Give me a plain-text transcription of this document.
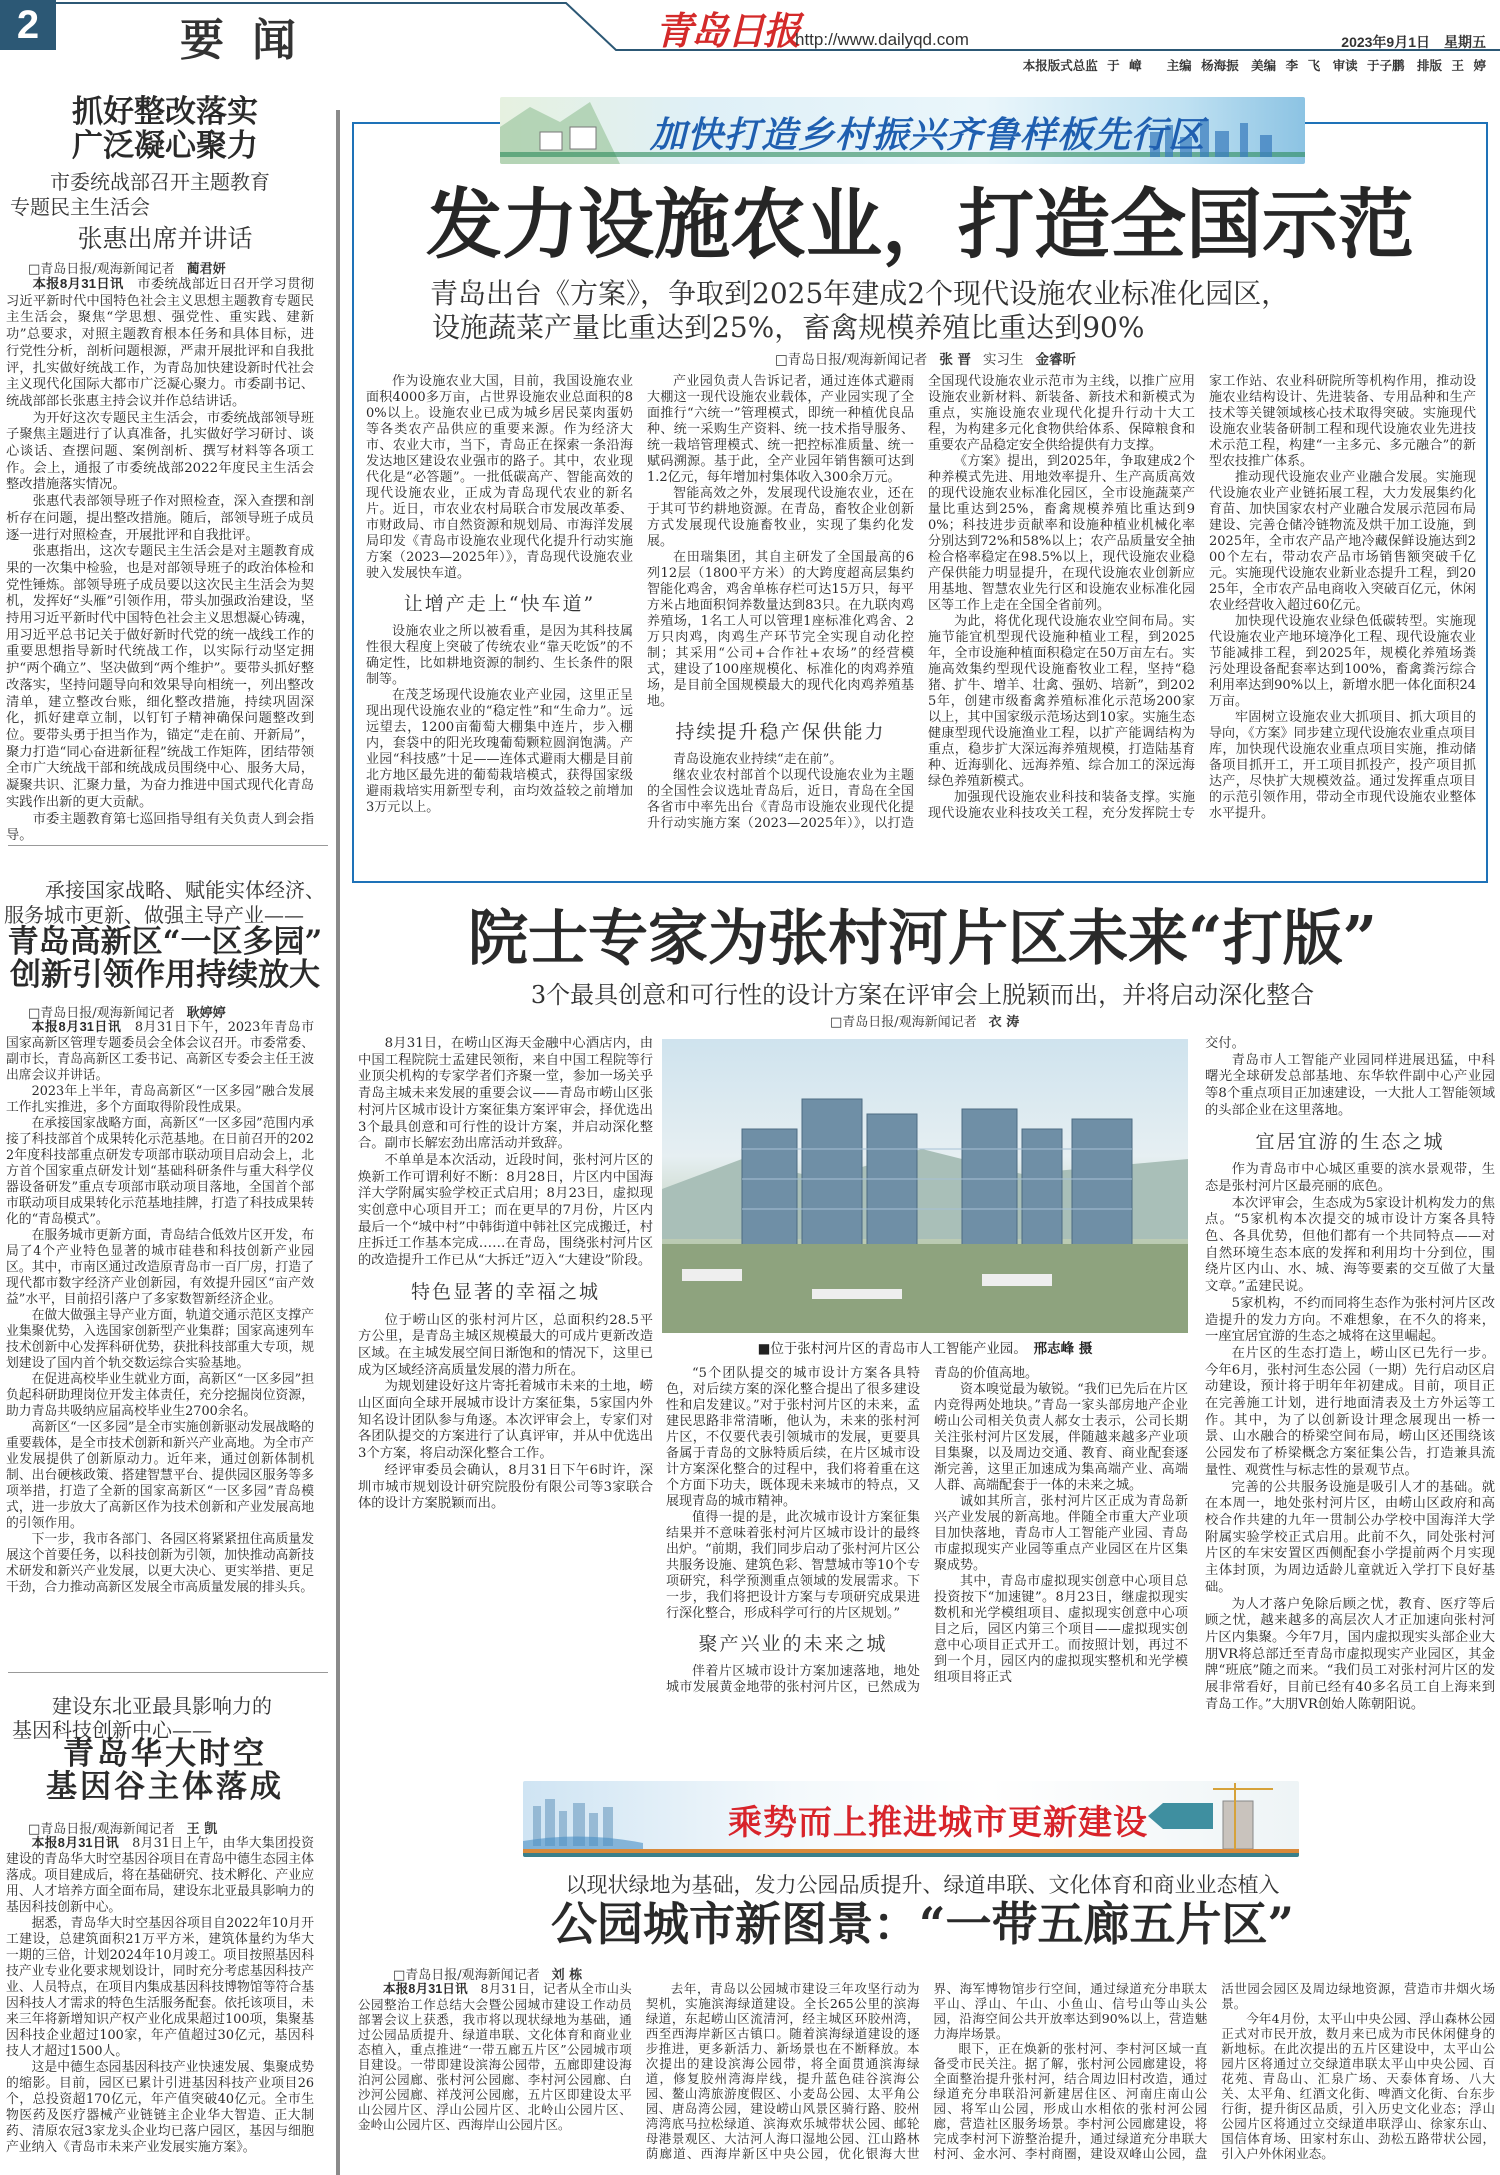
2	要闻	青岛日报
http://www.dailyqd.com	2023年9月1日　星期五
本报版式总监 于 嶂　　主编 杨海振　美编 李 飞　审读 于子鹏　排版 王 婷
抓好整改落实
广泛凝心聚力
市委统战部召开主题教育
专题民主生活会
张惠出席并讲话
□青岛日报/观海新闻记者 蔺君妍

本报8月31日讯　市委统战部近日召开学习贯彻习近平新时代中国特色社会主义思想主题教育专题民主生活会，聚焦“学思想、强党性、重实践、建新功”总要求，对照主题教育根本任务和具体目标，进行党性分析，剖析问题根源，严肃开展批评和自我批评，扎实做好统战工作，为青岛加快建设新时代社会主义现代化国际大都市广泛凝心聚力。市委副书记、统战部部长张惠主持会议并作总结讲话。

为开好这次专题民主生活会，市委统战部领导班子聚焦主题进行了认真准备，扎实做好学习研讨、谈心谈话、查摆问题、案例剖析、撰写材料等各项工作。会上，通报了市委统战部2022年度民主生活会整改措施落实情况。

张惠代表部领导班子作对照检查，深入查摆和剖析存在问题，提出整改措施。随后，部领导班子成员逐一进行对照检查，开展批评和自我批评。

张惠指出，这次专题民主生活会是对主题教育成果的一次集中检验，也是对部领导班子的政治体检和党性锤炼。部领导班子成员要以这次民主生活会为契机，发挥好“头雁”引领作用，带头加强政治建设，坚持用习近平新时代中国特色社会主义思想凝心铸魂，用习近平总书记关于做好新时代党的统一战线工作的重要思想指导新时代统战工作，以实际行动坚定拥护“两个确立”、坚决做到“两个维护”。要带头抓好整改落实，坚持问题导向和效果导向相统一，列出整改清单，建立整改台账，细化整改措施，持续巩固深化，抓好建章立制，以钉钉子精神确保问题整改到位。要带头勇于担当作为，锚定“走在前、开新局”，聚力打造“同心奋进新征程”统战工作矩阵，团结带领全市广大统战干部和统战成员围绕中心、服务大局，凝聚共识、汇聚力量，为奋力推进中国式现代化青岛实践作出新的更大贡献。

市委主题教育第七巡回指导组有关负责人到会指导。

承接国家战略、赋能实体经济、
服务城市更新、做强主导产业——
青岛高新区“一区多园”
创新引领作用持续放大
□青岛日报/观海新闻记者 耿婷婷

本报8月31日讯　8月31日下午，2023年青岛市国家高新区管理专题委员会全体会议召开。市委常委、副市长，青岛高新区工委书记、高新区专委会主任王波出席会议并讲话。

2023年上半年，青岛高新区“一区多园”融合发展工作扎实推进，多个方面取得阶段性成果。

在承接国家战略方面，高新区“一区多园”范围内承接了科技部首个成果转化示范基地。在日前召开的2022年度科技部重点研发专项部市联动项目启动会上，北方首个国家重点研发计划“基础科研条件与重大科学仪器设备研发”重点专项部市联动项目落地，全国首个部市联动项目成果转化示范基地挂牌，打造了科技成果转化的“青岛模式”。

在服务城市更新方面，青岛结合低效片区开发，布局了4个产业特色显著的城市硅巷和科技创新产业园区。其中，市南区通过改造原青岛市一百厂房，打造了现代都市数字经济产业创新园，有效提升园区“亩产效益”水平，目前招引落户了多家数智新经济企业。

在做大做强主导产业方面，轨道交通示范区支撑产业集聚优势，入选国家创新型产业集群；国家高速列车技术创新中心发挥科研优势，获批科技部重大专项，规划建设了国内首个轨交数运综合实验基地。

在促进高校毕业生就业方面，高新区“一区多园”担负起科研助理岗位开发主体责任，充分挖掘岗位资源，助力青岛共吸纳应届高校毕业生2700余名。

高新区“一区多园”是全市实施创新驱动发展战略的重要载体，是全市技术创新和新兴产业高地。为全市产业发展提供了创新原动力。近年来，通过创新体制机制、出台硬核政策、搭建智慧平台、提供园区服务等多项举措，打造了全新的国家高新区“一区多园”青岛模式，进一步放大了高新区作为技术创新和产业发展高地的引领作用。

下一步，我市各部门、各园区将紧紧扭住高质量发展这个首要任务，以科技创新为引领，加快推动高新技术研发和新兴产业发展，以更大决心、更实举措、更足干劲，合力推动高新区发展全市高质量发展的排头兵。

建设东北亚最具影响力的
基因科技创新中心——
青岛华大时空
基因谷主体落成
□青岛日报/观海新闻记者 王 凯

本报8月31日讯　8月31日上午，由华大集团投资建设的青岛华大时空基因谷项目在青岛中德生态园主体落成。项目建成后，将在基础研究、技术孵化、产业应用、人才培养方面全面布局，建设东北亚最具影响力的基因科技创新中心。

据悉，青岛华大时空基因谷项目自2022年10月开工建设，总建筑面积21万平方米，建筑体量约为华大一期的三倍，计划2024年10月竣工。项目按照基因科技产业专业化要求规划设计，同时充分考虑基因科技产业、人员特点，在项目内集成基因科技博物馆等符合基因科技人才需求的特色生活服务配套。依托该项目，未来三年将新增知识产权产业化成果超过100项，集聚基因科技企业超过100家，年产值超过30亿元，基因科技人才超过1500人。

这是中德生态园基因科技产业快速发展、集聚成势的缩影。目前，园区已累计引进基因科技产业项目26个，总投资超170亿元，年产值突破40亿元。全市生物医药及医疗器械产业链链主企业华大智造、正大制药、清原农冠3家龙头企业均已落户园区，基因与细胞产业纳入《青岛市未来产业发展实施方案》。

加快打造乡村振兴齐鲁样板先行区
发力设施农业，打造全国示范
青岛出台《方案》，争取到2025年建成2个现代设施农业标准化园区，
设施蔬菜产量比重达到25%，畜禽规模养殖比重达到90%
□青岛日报/观海新闻记者 张 晋 实习生 金睿昕

作为设施农业大国，目前，我国设施农业面积4000多万亩，占世界设施农业总面积的80%以上。设施农业已成为城乡居民菜肉蛋奶等各类农产品供应的重要来源。作为经济大市、农业大市，当下，青岛正在探索一条沿海发达地区建设农业强市的路子。其中，农业现代化是“必答题”。一批低碳高产、智能高效的现代设施农业，正成为青岛现代农业的新名片。近日，市农业农村局联合市发展改革委、市财政局、市自然资源和规划局、市海洋发展局印发《青岛市设施农业现代化提升行动实施方案（2023—2025年）》，青岛现代设施农业驶入发展快车道。

让增产走上“快车道”

设施农业之所以被看重，是因为其科技属性很大程度上突破了传统农业“靠天吃饭”的不确定性，比如耕地资源的制约、生长条件的限制等。

在茂芝场现代设施农业产业园，这里正呈现出现代设施农业的“稳定性”和“生命力”。远远望去，1200亩葡萄大棚集中连片，步入棚内，套袋中的阳光玫瑰葡萄颗粒圆润饱满。产业园“科技感”十足——连体式避雨大棚是目前北方地区最先进的葡萄栽培模式，获得国家级避雨栽培实用新型专利，亩均效益较之前增加3万元以上。

产业园负责人告诉记者，通过连体式避雨大棚这一现代设施农业载体，产业园实现了全面推行“六统一”管理模式，即统一种植优良品种、统一采购生产资料、统一技术指导服务、统一栽培管理模式、统一把控标准质量、统一赋码溯源。基于此，全产业园年销售额可达到1.2亿元，每年增加村集体收入300余万元。

智能高效之外，发展现代设施农业，还在于其可节约耕地资源。在青岛，畜牧企业创新方式发展现代设施畜牧业，实现了集约化发展。

在田瑞集团，其自主研发了全国最高的6列12层（1800平方米）的大跨度超高层集约智能化鸡舍，鸡舍单栋存栏可达15万只，每平方米占地面积饲养数量达到83只。在九联肉鸡养殖场，1名工人可以管理1座标准化鸡舍、2万只肉鸡，肉鸡生产环节完全实现自动化控制；其采用“公司+合作社+农场”的经营模式，建设了100座规模化、标准化的肉鸡养殖场，是目前全国规模最大的现代化肉鸡养殖基地。

持续提升稳产保供能力

青岛设施农业持续“走在前”。

继农业农村部首个以现代设施农业为主题的全国性会议选址青岛后，近日，青岛在全国各省市中率先出台《青岛市设施农业现代化提升行动实施方案（2023—2025年）》，以打造全国现代设施农业示范市为主线，以推广应用设施农业新材料、新装备、新技术和新模式为重点，实施设施农业现代化提升行动十大工程，为构建多元化食物供给体系、保障粮食和重要农产品稳定安全供给提供有力支撑。

《方案》提出，到2025年，争取建成2个种养模式先进、用地效率提升、生产高质高效的现代设施农业标准化园区，全市设施蔬菜产量比重达到25%，畜禽规模养殖比重达到90%；科技进步贡献率和设施种植业机械化率分别达到72%和58%以上；农产品质量安全抽检合格率稳定在98.5%以上，现代设施农业稳产保供能力明显提升，在现代设施农业创新应用基地、智慧农业先行区和设施农业标准化园区等工作上走在全国全省前列。

为此，将优化现代设施农业空间布局。实施节能宜机型现代设施种植业工程，到2025年，全市设施种植面积稳定在50万亩左右。实施高效集约型现代设施畜牧业工程，坚持“稳猪、扩牛、增羊、壮禽、强奶、培新”，到2025年，创建市级畜禽养殖标准化示范场200家以上，其中国家级示范场达到10家。实施生态健康型现代设施渔业工程，以扩产能调结构为重点，稳步扩大深远海养殖规模，打造陆基育种、近海驯化、远海养殖、综合加工的深远海绿色养殖新模式。

加强现代设施农业科技和装备支撑。实施现代设施农业科技攻关工程，充分发挥院士专家工作站、农业科研院所等机构作用，推动设施农业结构设计、先进装备、专用品种和生产技术等关键领域核心技术取得突破。实施现代设施农业装备研制工程和现代设施农业先进技术示范工程，构建“一主多元、多元融合”的新型农技推广体系。

推动现代设施农业产业融合发展。实施现代设施农业产业链拓展工程，大力发展集约化育苗、加快国家农村产业融合发展示范园布局建设、完善仓储冷链物流及烘干加工设施，到2025年，全市农产品产地冷藏保鲜设施达到200个左右，带动农产品市场销售额突破千亿元。实施现代设施农业新业态提升工程，到2025年，全市农产品电商收入突破百亿元，休闲农业经营收入超过60亿元。

加快现代设施农业绿色低碳转型。实施现代设施农业产地环境净化工程、现代设施农业节能减排工程，到2025年，规模化养殖场粪污处理设备配套率达到100%，畜禽粪污综合利用率达到90%以上，新增水肥一体化面积24万亩。

牢固树立设施农业大抓项目、抓大项目的导向，《方案》同步建立现代设施农业重点项目库，加快现代设施农业重点项目实施，推动储备项目抓开工，开工项目抓投产，投产项目抓达产，尽快扩大规模效益。通过发挥重点项目的示范引领作用，带动全市现代设施农业整体水平提升。

院士专家为张村河片区未来“打版”
3个最具创意和可行性的设计方案在评审会上脱颖而出，并将启动深化整合
□青岛日报/观海新闻记者 衣 涛

8月31日，在崂山区海天金融中心酒店内，由中国工程院院士孟建民领衔，来自中国工程院等行业顶尖机构的专家学者们齐聚一堂，参加一场关乎青岛主城未来发展的重要会议——青岛市崂山区张村河片区城市设计方案征集方案评审会，择优选出3个最具创意和可行性的设计方案，并启动深化整合。副市长解宏劲出席活动并致辞。

不单单是本次活动，近段时间，张村河片区的焕新工作可谓利好不断：8月28日，片区内中国海洋大学附属实验学校正式启用；8月23日，虚拟现实创意中心项目开工；而在更早的7月份，片区内最后一个“城中村”中韩街道中韩社区完成搬迁，村庄拆迁工作基本完成……在青岛，围绕张村河片区的改造提升工作已从“大拆迁”迈入“大建设”阶段。

特色显著的幸福之城

位于崂山区的张村河片区，总面积约28.5平方公里，是青岛主城区规模最大的可成片更新改造区域。在主城发展空间日渐饱和的情况下，这里已成为区域经济高质量发展的潜力所在。

为规划建设好这片寄托着城市未来的土地，崂山区面向全球开展城市设计方案征集，5家国内外知名设计团队参与角逐。本次评审会上，专家们对各团队提交的方案进行了认真评审，并从中优选出3个方案，将启动深化整合工作。

经评审委员会确认，8月31日下午6时许，深圳市城市规划设计研究院股份有限公司等3家联合体的设计方案脱颖而出。

■位于张村河片区的青岛市人工智能产业园。　 邢志峰 摄

“5个团队提交的城市设计方案各具特色，对后续方案的深化整合提出了很多建设性和启发建议。”对于张村河片区的未来，孟建民思路非常清晰，他认为，未来的张村河片区，不仅要代表引领城市的发展，更要具备属于青岛的文脉特质后续，在片区城市设计方案深化整合的过程中，我们将着重在这个方面下功夫，既体现未来城市的特点，又展现青岛的城市精神。

值得一提的是，此次城市设计方案征集结果并不意味着张村河片区城市设计的最终出炉。“前期，我们同步启动了张村河片区公共服务设施、建筑色彩、智慧城市等10个专项研究，科学预测重点领域的发展需求。下一步，我们将把设计方案与专项研究成果进行深化整合，形成科学可行的片区规划。”

聚产兴业的未来之城

伴着片区城市设计方案加速落地，地处城市发展黄金地带的张村河片区，已然成为青岛的价值高地。

资本嗅觉最为敏锐。“我们已先后在片区内竞得两处地块。”青岛一家头部房地产企业崂山公司相关负责人郝女士表示，公司长期关注张村河片区发展，伴随越来越多产业项目集聚，以及周边交通、教育、商业配套逐渐完善，这里正加速成为集高端产业、高端人群、高端配套于一体的未来之城。

诚如其所言，张村河片区正成为青岛新兴产业发展的新高地。伴随全市重大产业项目加快落地，青岛市人工智能产业园、青岛市虚拟现实产业园等重点产业园区在片区集聚成势。

其中，青岛市虚拟现实创意中心项目总投资按下“加速键”。8月23日，继虚拟现实数机和光学模组项目、虚拟现实创意中心项目之后，园区内第三个项目——虚拟现实创意中心项目正式开工。而按照计划，再过不到一个月，园区内的虚拟现实整机和光学模组项目将正式

交付。

青岛市人工智能产业园同样进展迅猛，中科曙光全球研发总部基地、东华软件副中心产业园等8个重点项目正加速建设，一大批人工智能领域的头部企业在这里落地。

宜居宜游的生态之城

作为青岛市中心城区重要的滨水景观带，生态是张村河片区最亮丽的底色。

本次评审会，生态成为5家设计机构发力的焦点。“5家机构本次提交的城市设计方案各具特色、各具优势，但他们都有一个共同特点——对自然环境生态本底的发挥和利用均十分到位，围绕片区内山、水、城、海等要素的交互做了大量文章。”孟建民说。

5家机构，不约而同将生态作为张村河片区改造提升的发力方向。不难想象，在不久的将来，一座宜居宜游的生态之城将在这里崛起。

在片区的生态打造上，崂山区已先行一步。今年6月，张村河生态公园（一期）先行启动区启动建设，预计将于明年年初建成。目前，项目正在完善施工计划，进行地面清表及土方外运等工作。其中，为了以创新设计理念展现出一桥一景、山水融合的桥梁空间布局，崂山区还围绕该公园发布了桥梁概念方案征集公告，打造兼具流量性、观赏性与标志性的景观节点。

完善的公共服务设施是吸引人才的基础。就在本周一，地处张村河片区，由崂山区政府和高校合作共建的九年一贯制公办学校中国海洋大学附属实验学校正式启用。此前不久，同处张村河片区的车宋安置区西侧配套小学提前两个月实现主体封顶，为周边适龄儿童就近入学打下良好基础。

为人才落户免除后顾之忧，教育、医疗等后顾之忧，越来越多的高层次人才正加速向张村河片区内集聚。今年7月，国内虚拟现实头部企业大朋VR将总部迁至青岛市虚拟现实产业园区，其金牌“班底”随之而来。“我们员工对张村河片区的发展非常看好，目前已经有40多名员工自上海来到青岛工作。”大朋VR创始人陈朝阳说。

乘势而上推进城市更新建设
以现状绿地为基础，发力公园品质提升、绿道串联、文化体育和商业业态植入
公园城市新图景：“一带五廊五片区”
□青岛日报/观海新闻记者 刘 栋

本报8月31日讯　8月31日，记者从全市山头公园整治工作总结大会暨公园城市建设工作动员部署会议上获悉，我市将以现状绿地为基础，通过公园品质提升、绿道串联、文化体育和商业业态植入，重点推进“一带五廊五片区”公园城市项目建设。一带即建设滨海公园带，五廊即建设海泊河公园廊、张村河公园廊、李村河公园廊、白沙河公园廊、祥茂河公园廊，五片区即建设太平山公园片区、浮山公园片区、北岭山公园片区、金岭山公园片区、西海岸山公园片区。

去年，青岛以公园城市建设三年攻坚行动为契机，实施滨海绿道建设。全长265公里的滨海绿道，东起崂山区流清河，经主城区环胶州湾，西至西海岸新区古镇口。随着滨海绿道建设的逐步推进，更多新活力、新场景也在不断释放。本次提出的建设滨海公园带，将全面贯通滨海绿道，修复胶州湾海岸线，提升蓝色硅谷滨海公园、鳌山湾旅游度假区、小麦岛公园、太平角公园、唐岛湾公园，建设崂山风景区骑行路、胶州湾湾底马拉松绿道、滨海欢乐城带状公园、邮轮母港景观区、大沽河人海口湿地公园、江山路林荫廊道、西海岸新区中央公园，优化银海大世界、海军博物馆步行空间，通过绿道充分串联太平山、浮山、午山、小鱼山、信号山等山头公园，沿海空间公共开放率达到90%以上，营造魅力海岸场景。

眼下，正在焕新的张村河、李村河区域一直备受市民关注。据了解，张村河公园廊建设，将全面整治提升张村河，结合周边旧村改造，通过绿道充分串联沿河新建居住区、河南庄南山公园、将军山公园，形成山水相依的张村河公园廊，营造社区服务场景。李村河公园廊建设，将完成李村河下游整治提升，通过绿道充分串联大村河、金水河、李村商圈，建设双峰山公园，盘活世园会园区及周边绿地资源，营造市井烟火场景。

今年4月份，太平山中央公园、浮山森林公园正式对市民开放，数月来已成为市民休闲健身的新地标。在此次提出的五片区建设中，太平山公园片区将通过立交绿道串联太平山中央公园、百花苑、青岛山、汇泉广场、天泰体育场、八大关、太平角、红酒文化街、啤酒文化街、台东步行街，提升街区品质，引入历史文化业态；浮山公园片区将通过立交绿道串联浮山、徐家东山、国信体育场、田家村东山、劲松五路带状公园，引入户外休闲业态。
